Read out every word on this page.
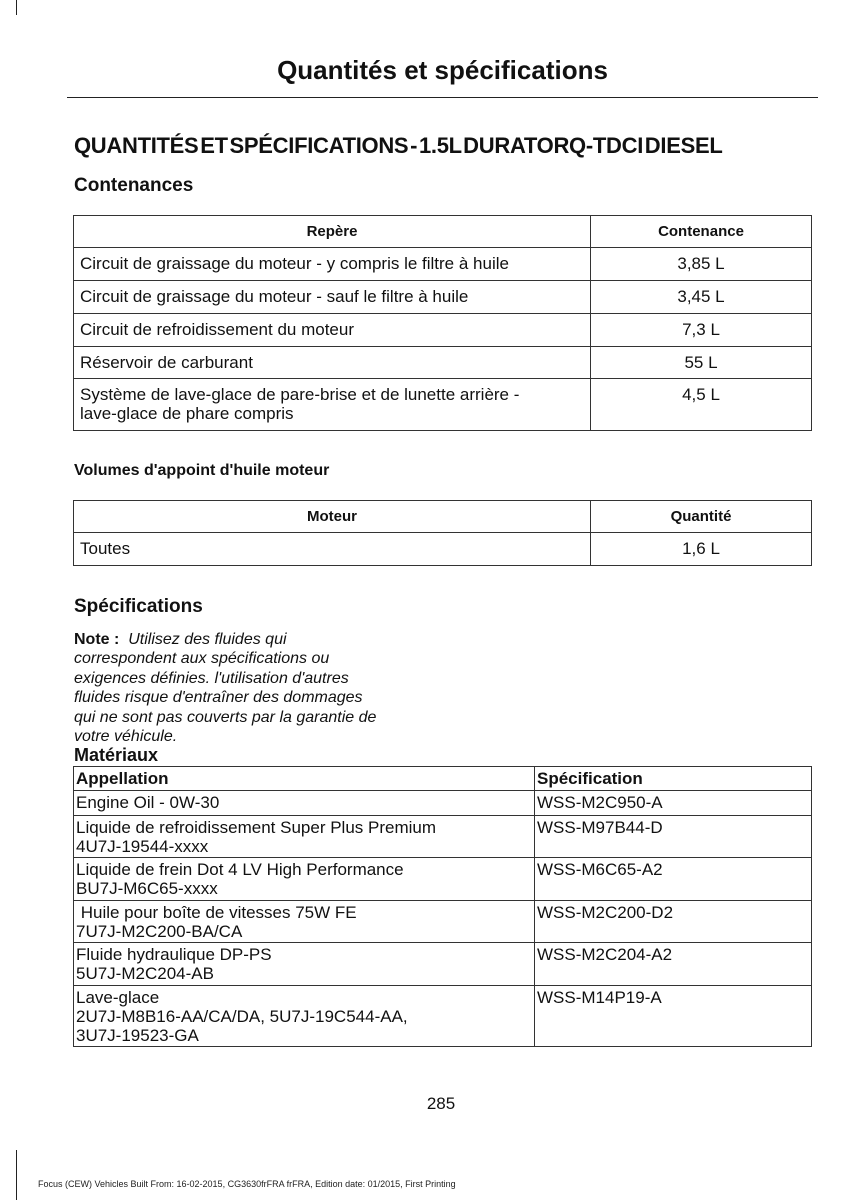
Quantités et spécifications
QUANTITÉS ET SPÉCIFICATIONS - 1.5L DURATORQ-TDCI DIESEL
Contenances
Repère	Contenance

Circuit de graissage du moteur - y compris le filtre à huile	3,85 L

Circuit de graissage du moteur - sauf le filtre à huile	3,45 L

Circuit de refroidissement du moteur	7,3 L

Réservoir de carburant	55 L

Système de lave-glace de pare-brise et de lunette arrière -
lave-glace de phare compris	4,5 L
Volumes d'appoint d'huile moteur
Moteur	Quantité
Toutes	1,6 L
Spécifications
Note : Utilisez des fluides qui
correspondent aux spécifications ou
exigences définies. l'utilisation d'autres
fluides risque d'entraîner des dommages
qui ne sont pas couverts par la garantie de
votre véhicule.
Matériaux
Appellation	Spécification

Engine Oil - 0W-30	WSS-M2C950-A

Liquide de refroidissement Super Plus Premium
4U7J-19544-xxxx	WSS-M97B44-D

Liquide de frein Dot 4 LV High Performance
BU7J-M6C65-xxxx	WSS-M6C65-A2

Huile pour boîte de vitesses 75W FE
7U7J-M2C200-BA/CA	WSS-M2C200-D2

Fluide hydraulique DP-PS
5U7J-M2C204-AB	WSS-M2C204-A2

Lave-glace
2U7J-M8B16-AA/CA/DA, 5U7J-19C544-AA,
3U7J-19523-GA	WSS-M14P19-A
285
Focus (CEW) Vehicles Built From: 16-02-2015, CG3630frFRA frFRA, Edition date: 01/2015, First Printing
